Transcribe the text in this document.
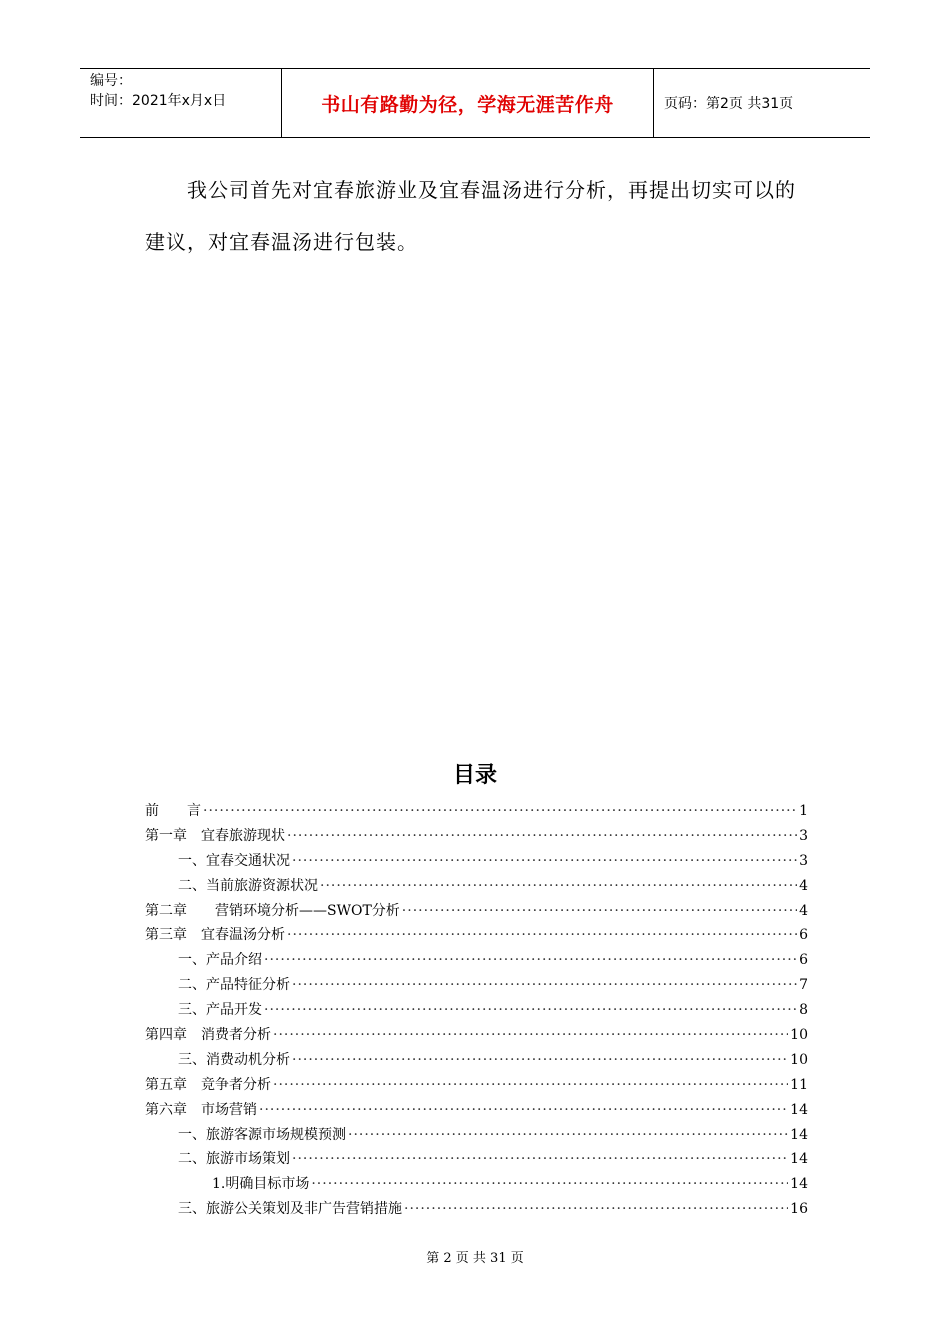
编号：
时间：2021年x月x日	书山有路勤为径，学海无涯苦作舟	页码：第2页 共31页

我公司首先对宜春旅游业及宜春温汤进行分析，再提出切实可以的建议，对宜春温汤进行包装。

目录
前　　言 ·····	1
第一章　宜春旅游现状 ·····	3
一、宜春交通状况 ·····	3
二、当前旅游资源状况 ·····	4
第二章　　营销环境分析——SWOT分析 ·····	4
第三章　宜春温汤分析 ·····	6
一、产品介绍 ·····	6
二、产品特征分析 ·····	7
三、产品开发 ·····	8
第四章　消费者分析 ·····	10
三、消费动机分析 ·····	10
第五章　竞争者分析 ·····	11
第六章　市场营销 ·····	14
一、旅游客源市场规模预测 ·····	14
二、旅游市场策划 ·····	14
1.明确目标市场 ·····	14
三、旅游公关策划及非广告营销措施 ·····	16
第 2 页 共 31 页
